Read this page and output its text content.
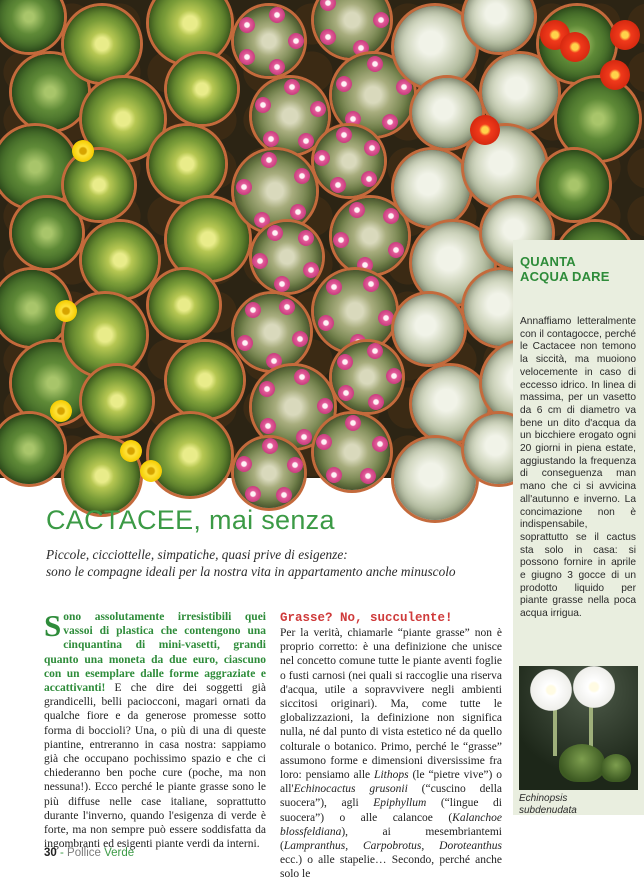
QUANTA
ACQUA DARE
Annaffiamo letteralmente con il contagocce, perché le Cactacee non temono la siccità, ma muoiono velocemente in caso di eccesso idrico. In linea di massima, per un vasetto da 6 cm di diametro va bene un dito d'acqua da un bicchiere erogato ogni 20 giorni in piena estate, aggiustando la frequenza di conseguenza man mano che ci si avvicina all'autunno e inverno. La concimazione non è indispensabile, soprattutto se il cactus sta solo in casa: si possono fornire in aprile e giugno 3 gocce di un prodotto liquido per piante grasse nella poca acqua irrigua.
Echinopsis
subdenudata
CACTACEE, mai senza
Piccole, cicciottelle, simpatiche, quasi prive di esigenze:
sono le compagne ideali per la nostra vita in appartamento anche minuscolo
Sono assolutamente irresistibili quei vassoi di plastica che contengono una cinquantina di mini-vasetti, grandi quanto una moneta da due euro, ciascuno con un esemplare dalle forme aggraziate e accattivanti! E che dire dei soggetti già grandicelli, belli paciocconi, magari ornati da qualche fiore e da generose promesse sotto forma di boccioli? Una, o più di una di queste piantine, entreranno in casa nostra: sappiamo già che occupano pochissimo spazio e che ci chiederanno ben poche cure (poche, ma non nessuna!). Ecco perché le piante grasse sono le più diffuse nelle case italiane, soprattutto durante l'inverno, quando l'esigenza di verde è forte, ma non sempre può essere soddisfatta da ingombranti ed esigenti piante verdi da interni.
Grasse? No, succulente!
Per la verità, chiamarle “piante grasse” non è proprio corretto: è una definizione che unisce nel concetto comune tutte le piante aventi foglie o fusti carnosi (nei quali si raccoglie una riserva d'acqua, utile a sopravvivere negli ambienti siccitosi originari). Ma, come tutte le globalizzazioni, la definizione non significa nulla, né dal punto di vista estetico né da quello colturale o botanico. Primo, perché le “grasse” assumono forme e dimensioni diversissime fra loro: pensiamo alle Lithops (le “pietre vive”) o all'Echinocactus grusonii (“cuscino della suocera”), agli Epiphyllum (“lingue di suocera”) o alle calancoe (Kalanchoe blossfeldiana), ai mesembriantemi (Lampranthus, Carpobrotus, Doroteanthus ecc.) o alle stapelie… Secondo, perché anche solo le
30 - Pollice Verde
